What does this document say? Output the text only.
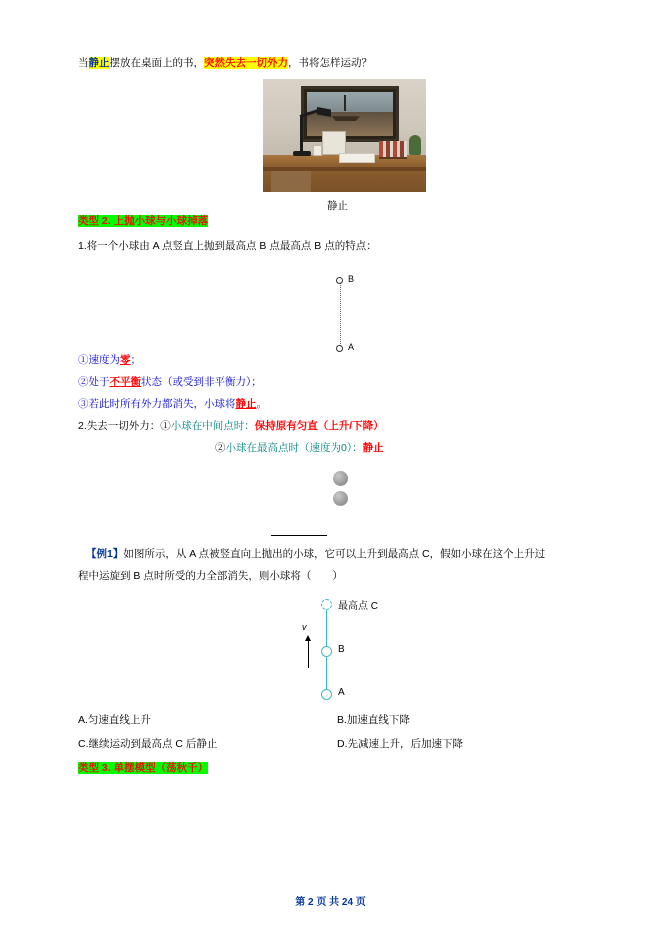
当静止摆放在桌面上的书，突然失去一切外力，书将怎样运动？
静止
类型 2. 上抛小球与小球掉落
1.将一个小球由 A 点竖直上抛到最高点 B 点最高点 B 点的特点：
B
A
①速度为零；
②处于不平衡状态（或受到非平衡力）；
③若此时所有外力都消失，小球将静止。
2.失去一切外力：①小球在中间点时：保持原有匀直（上升/下降）
②小球在最高点时（速度为0）：静止
【例1】如图所示，从 A 点被竖直向上抛出的小球，它可以上升到最高点 C，假如小球在这个上升过
程中运旋到 B 点时所受的力全部消失，则小球将（　　）
最高点 C
B
A
v
A.匀速直线上升	B.加速直线下降
C.继续运动到最高点 C 后静止	D.先减速上升，后加速下降
类型 3. 单摆模型（荡秋千）
第 2 页 共 24 页
